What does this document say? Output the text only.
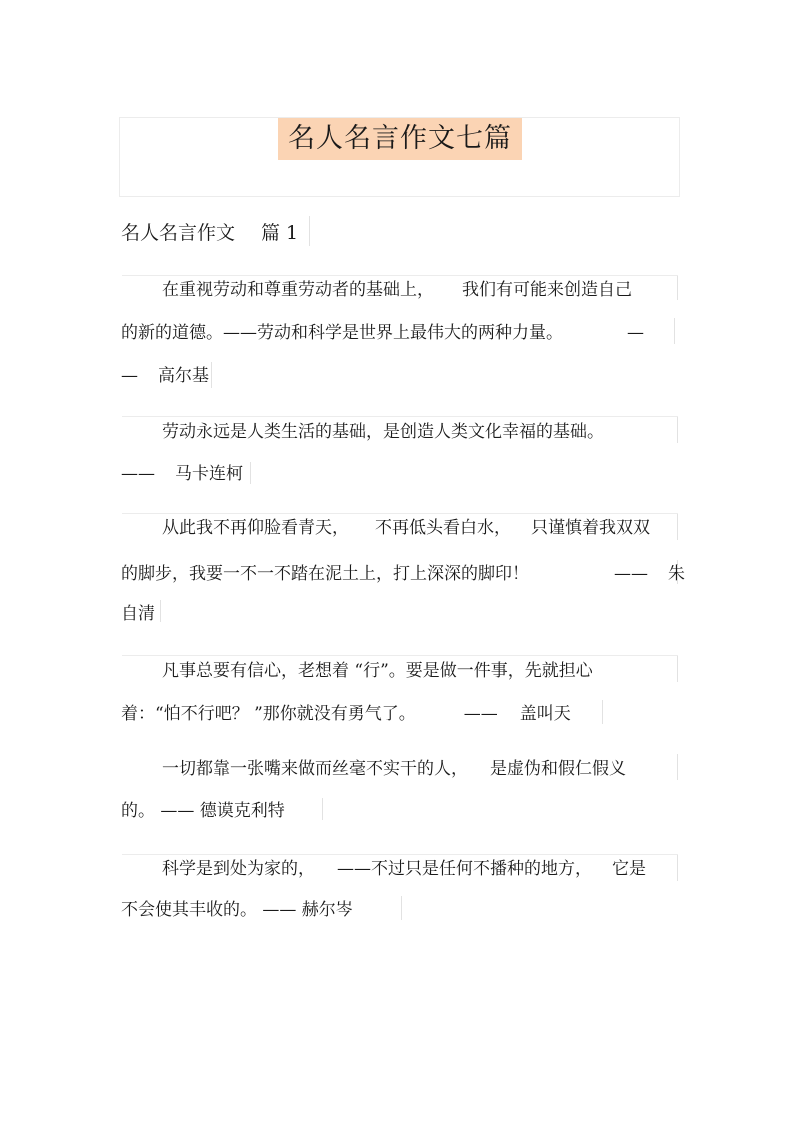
名人名言作文七篇
名人名言作文 篇 1
在重视劳动和尊重劳动者的基础上， 我们有可能来创造自己
的新的道德。——劳动和科学是世界上最伟大的两种力量。	—
— 高尔基
劳动永远是人类生活的基础，是创造人类文化幸福的基础。
—— 马卡连柯
从此我不再仰脸看青天， 不再低头看白水， 只谨慎着我双双
的脚步，我要一不一不踏在泥土上，打上深深的脚印！	—— 朱
自清
凡事总要有信心，老想着 “行”。要是做一件事，先就担心
着：“怕不行吧？ ”那你就没有勇气了。	—— 盖叫天
一切都靠一张嘴来做而丝毫不实干的人， 是虚伪和假仁假义
的。 —— 德谟克利特
科学是到处为家的， ——不过只是任何不播种的地方， 它是
不会使其丰收的。 —— 赫尔岑
